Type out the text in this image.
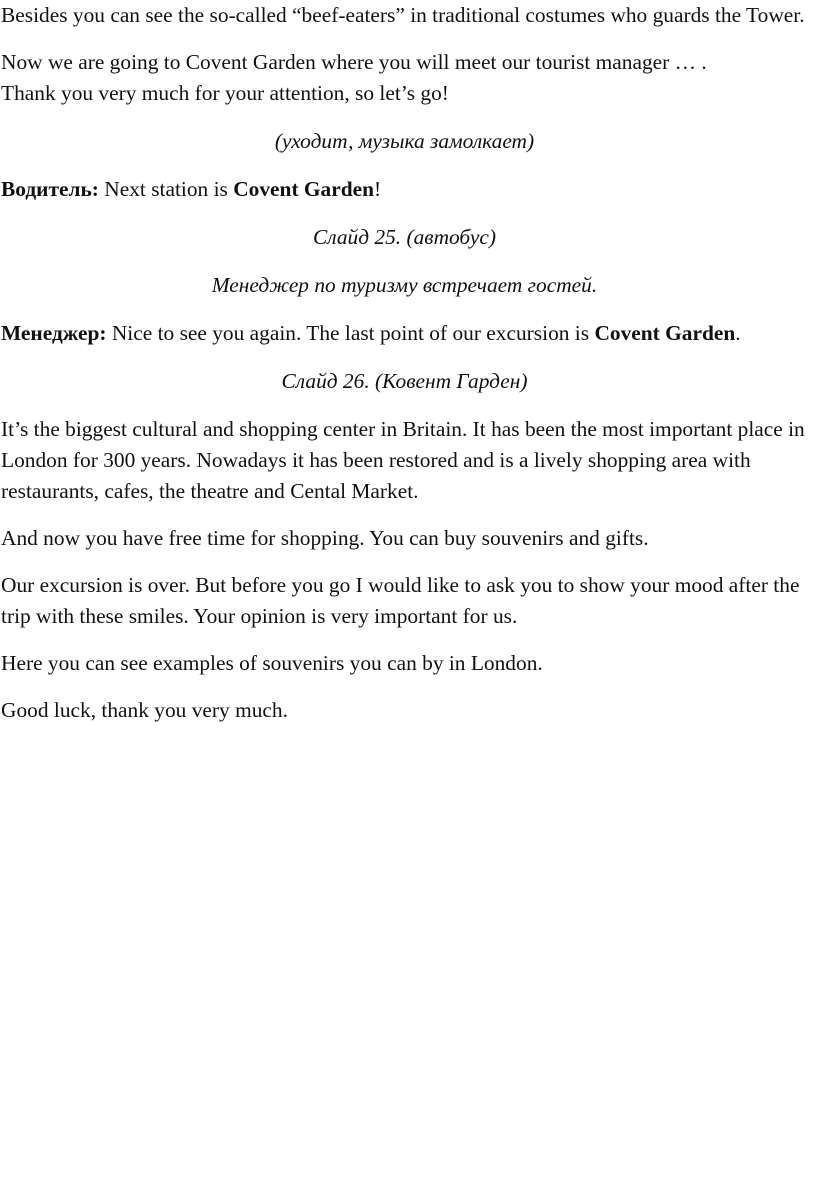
Besides you can see the so-called “beef-eaters” in traditional costumes who guards the Tower.

Now we are going to Covent Garden where you will meet our tourist manager … .
Thank you very much for your attention, so let’s go!

(уходит, музыка замолкает)

Водитель: Next station is Covent Garden!

Слайд 25. (автобус)

Менеджер по туризму встречает гостей.

Менеджер: Nice to see you again. The last point of our excursion is Covent Garden.

Слайд 26. (Ковент Гарден)

It’s the biggest cultural and shopping center in Britain. It has been the most important place in London for 300 years. Nowadays it has been restored and is a lively shopping area with restaurants, cafes, the theatre and Cental Market.

And now you have free time for shopping. You can buy souvenirs and gifts.

Our excursion is over. But before you go I would like to ask you to show your mood after the trip with these smiles. Your opinion is very important for us.

Here you can see examples of souvenirs you can by in London.

Good luck, thank you very much.
